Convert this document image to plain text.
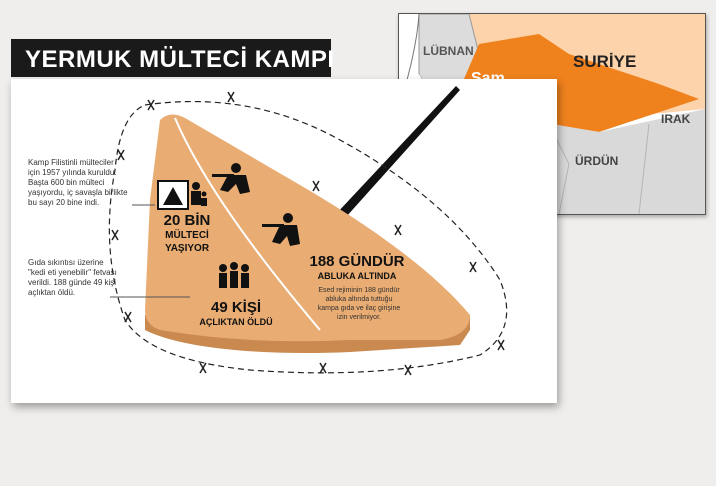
LÜBNAN
SURİYE
IRAK
ÜRDÜN
YERMUK MÜLTECİ KAMPI
Kamp Filistinli mülteciler
için 1957 yılında kuruldu.
Başta 600 bin mülteci
yaşıyordu, iç savaşla birlikte
bu sayı 20 bine indi.
Gıda sıkıntısı üzerine
"kedi eti yenebilir" fetvası
verildi. 188 günde 49 kişi
açlıktan öldü.
20 BİN
MÜLTECİ
YAŞIYOR
49 KİŞİ
AÇLIKTAN ÖLDÜ
188 GÜNDÜR
ABLUKA ALTINDA
Esed rejiminin 188 gündür
abluka altında tuttuğu
kampa gıda ve ilaç girişine
izin verilmiyor.
